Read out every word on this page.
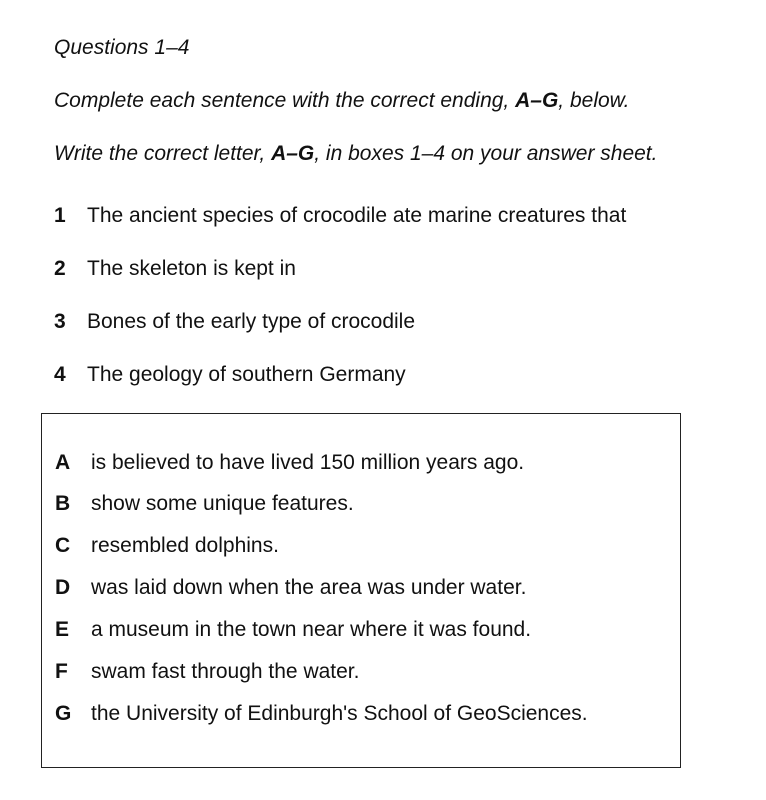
Questions 1–4
Complete each sentence with the correct ending, A–G, below.
Write the correct letter, A–G, in boxes 1–4 on your answer sheet.
1 The ancient species of crocodile ate marine creatures that
2 The skeleton is kept in
3 Bones of the early type of crocodile
4 The geology of southern Germany
A is believed to have lived 150 million years ago.
B show some unique features.
C resembled dolphins.
D was laid down when the area was under water.
E a museum in the town near where it was found.
F swam fast through the water.
G the University of Edinburgh's School of GeoSciences.
